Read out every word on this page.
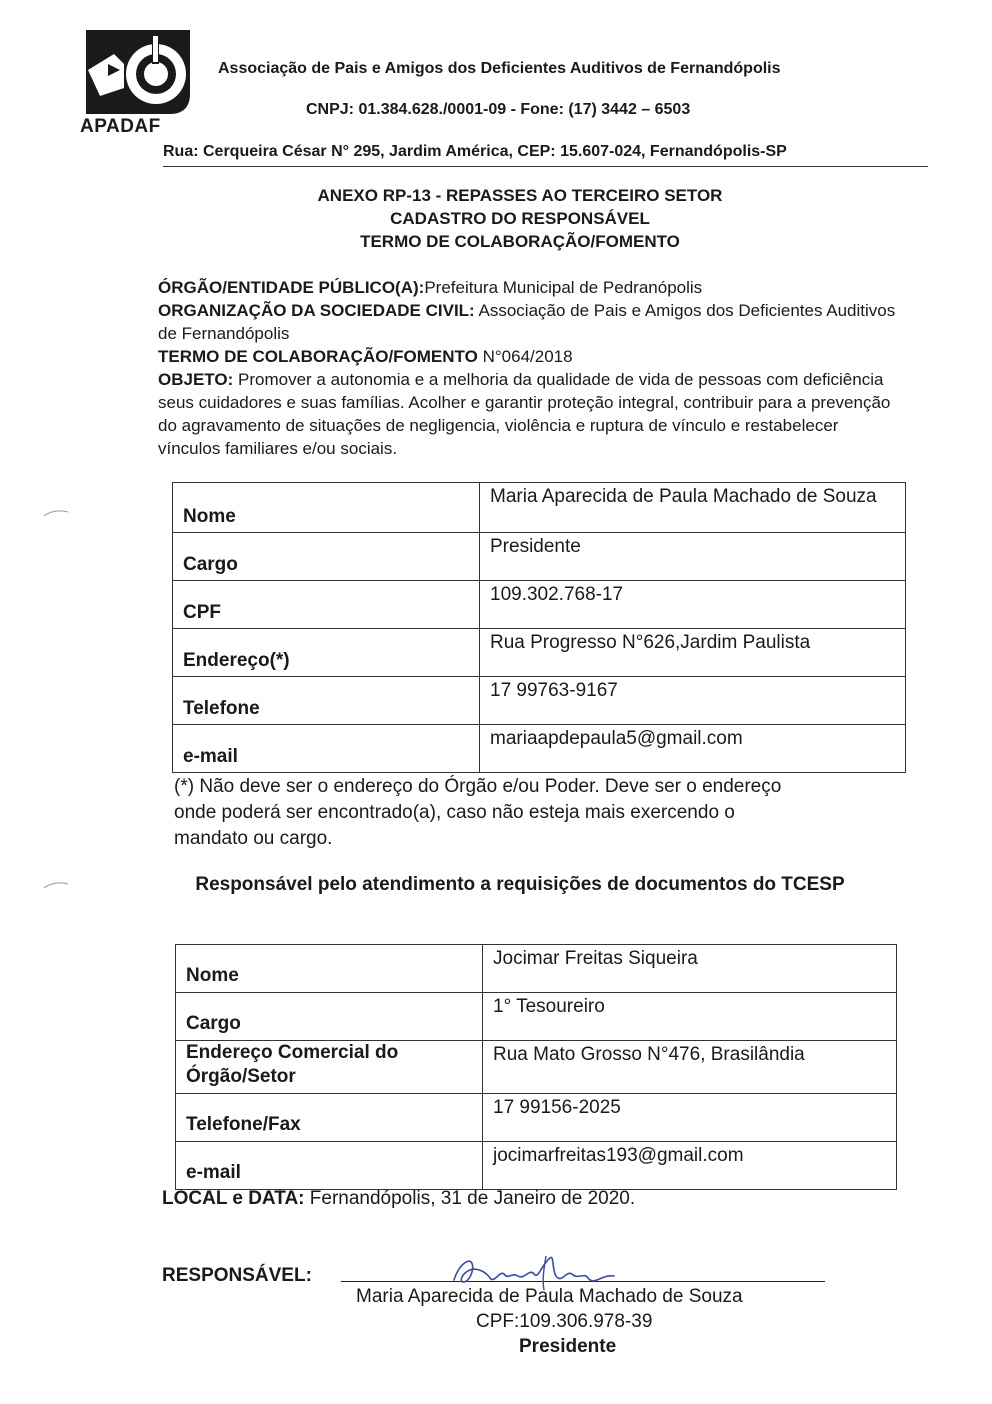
APADAF
Associação de Pais e Amigos dos Deficientes Auditivos de Fernandópolis
CNPJ: 01.384.628./0001-09 - Fone: (17) 3442 – 6503
Rua: Cerqueira César N° 295, Jardim América, CEP: 15.607-024, Fernandópolis-SP
ANEXO RP-13 - REPASSES AO TERCEIRO SETOR
CADASTRO DO RESPONSÁVEL
TERMO DE COLABORAÇÃO/FOMENTO
ÓRGÃO/ENTIDADE PÚBLICO(A):Prefeitura Municipal de Pedranópolis
ORGANIZAÇÃO DA SOCIEDADE CIVIL: Associação de Pais e Amigos dos Deficientes Auditivos de Fernandópolis
TERMO DE COLABORAÇÃO/FOMENTO N°064/2018
OBJETO: Promover a autonomia e a melhoria da qualidade de vida de pessoas com deficiência seus cuidadores e suas famílias. Acolher e garantir proteção integral, contribuir para a prevenção do agravamento de situações de negligencia, violência e ruptura de vínculo e restabelecer vínculos familiares e/ou sociais.
Nome	Maria Aparecida de Paula Machado de Souza
Cargo	Presidente
CPF	109.302.768-17
Endereço(*)	Rua Progresso N°626,Jardim Paulista
Telefone	17 99763-9167
e-mail	mariaapdepaula5@gmail.com
(*) Não deve ser o endereço do Órgão e/ou Poder. Deve ser o endereço onde poderá ser encontrado(a), caso não esteja mais exercendo o mandato ou cargo.
Responsável pelo atendimento a requisições de documentos do TCESP
Nome	Jocimar Freitas Siqueira
Cargo	1° Tesoureiro
Endereço Comercial do Órgão/Setor	Rua Mato Grosso N°476, Brasilândia
Telefone/Fax	17 99156-2025
e-mail	jocimarfreitas193@gmail.com
LOCAL e DATA: Fernandópolis, 31 de Janeiro de 2020.
RESPONSÁVEL:
Maria Aparecida de Paula Machado de Souza
CPF:109.306.978-39
Presidente
